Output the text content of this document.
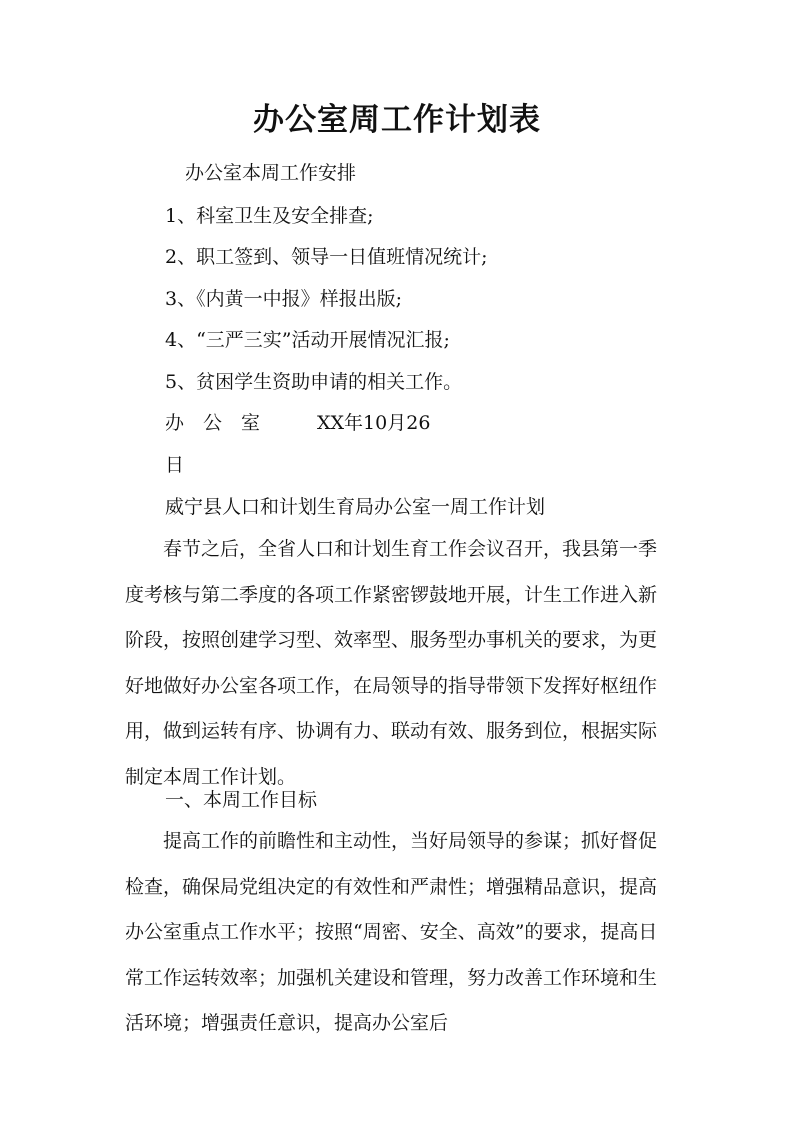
办公室周工作计划表
办公室本周工作安排
1、科室卫生及安全排查;
2、职工签到、领导一日值班情况统计;
3、《内黄一中报》样报出版;
4、“三严三实”活动开展情况汇报;
5、贫困学生资助申请的相关工作。
办　公　室　　　XX年10月26
日
威宁县人口和计划生育局办公室一周工作计划
春节之后，全省人口和计划生育工作会议召开，我县第一季度考核与第二季度的各项工作紧密锣鼓地开展，计生工作进入新阶段，按照创建学习型、效率型、服务型办事机关的要求，为更好地做好办公室各项工作，在局领导的指导带领下发挥好枢纽作用，做到运转有序、协调有力、联动有效、服务到位，根据实际制定本周工作计划。
一、本周工作目标
提高工作的前瞻性和主动性，当好局领导的参谋；抓好督促检查，确保局党组决定的有效性和严肃性；增强精品意识，提高办公室重点工作水平；按照“周密、安全、高效”的要求，提高日常工作运转效率；加强机关建设和管理，努力改善工作环境和生活环境；增强责任意识，提高办公室后
